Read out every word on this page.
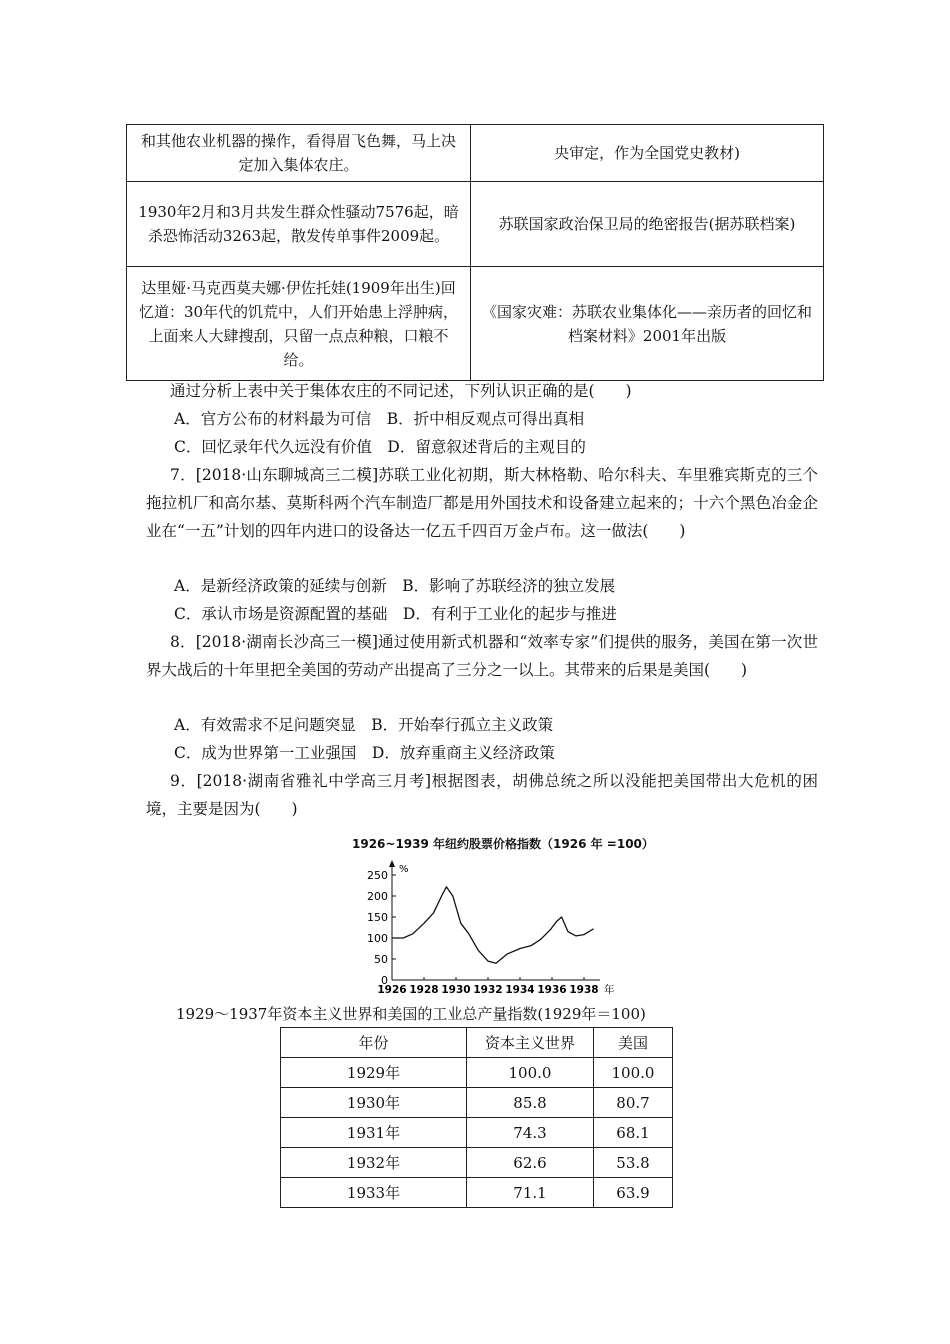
和其他农业机器的操作，看得眉飞色舞，马上决定加入集体农庄。	央审定，作为全国党史教材)
1930年2月和3月共发生群众性骚动7576起，暗杀恐怖活动3263起，散发传单事件2009起。	苏联国家政治保卫局的绝密报告(据苏联档案)
达里娅·马克西莫夫娜·伊佐托娃(1909年出生)回忆道：30年代的饥荒中，人们开始患上浮肿病，上面来人大肆搜刮，只留一点点种粮，口粮不给。	《国家灾难：苏联农业集体化——亲历者的回忆和档案材料》2001年出版

通过分析上表中关于集体农庄的不同记述，下列认识正确的是(　　)

A．官方公布的材料最为可信　 B．折中相反观点可得出真相
C．回忆录年代久远没有价值　 D．留意叙述背后的主观目的

7．[2018·山东聊城高三二模]苏联工业化初期，斯大林格勒、哈尔科夫、车里雅宾斯克的三个拖拉机厂和高尔基、莫斯科两个汽车制造厂都是用外国技术和设备建立起来的；十六个黑色冶金企业在“一五”计划的四年内进口的设备达一亿五千四百万金卢布。这一做法(　　)

A．是新经济政策的延续与创新　 B．影响了苏联经济的独立发展
C．承认市场是资源配置的基础　 D．有利于工业化的起步与推进

8．[2018·湖南长沙高三一模]通过使用新式机器和“效率专家”们提供的服务，美国在第一次世界大战后的十年里把全美国的劳动产出提高了三分之一以上。其带来的后果是美国(　　)

A．有效需求不足问题突显　 B．开始奉行孤立主义政策
C．成为世界第一工业强国　 D．放弃重商主义经济政策

9．[2018·湖南省雅礼中学高三月考]根据图表，胡佛总统之所以没能把美国带出大危机的困境，主要是因为(　　)

1926~1939 年纽约股票价格指数（1926 年 =100）
%
0
50
100
150
200
250
1926 1928 1930 1932 1934 1936 1938 年
1929～1937年资本主义世界和美国的工业总产量指数(1929年＝100)
年份	资本主义世界	美国
1929年	100.0	100.0
1930年	85.8	80.7
1931年	74.3	68.1
1932年	62.6	53.8
1933年	71.1	63.9
